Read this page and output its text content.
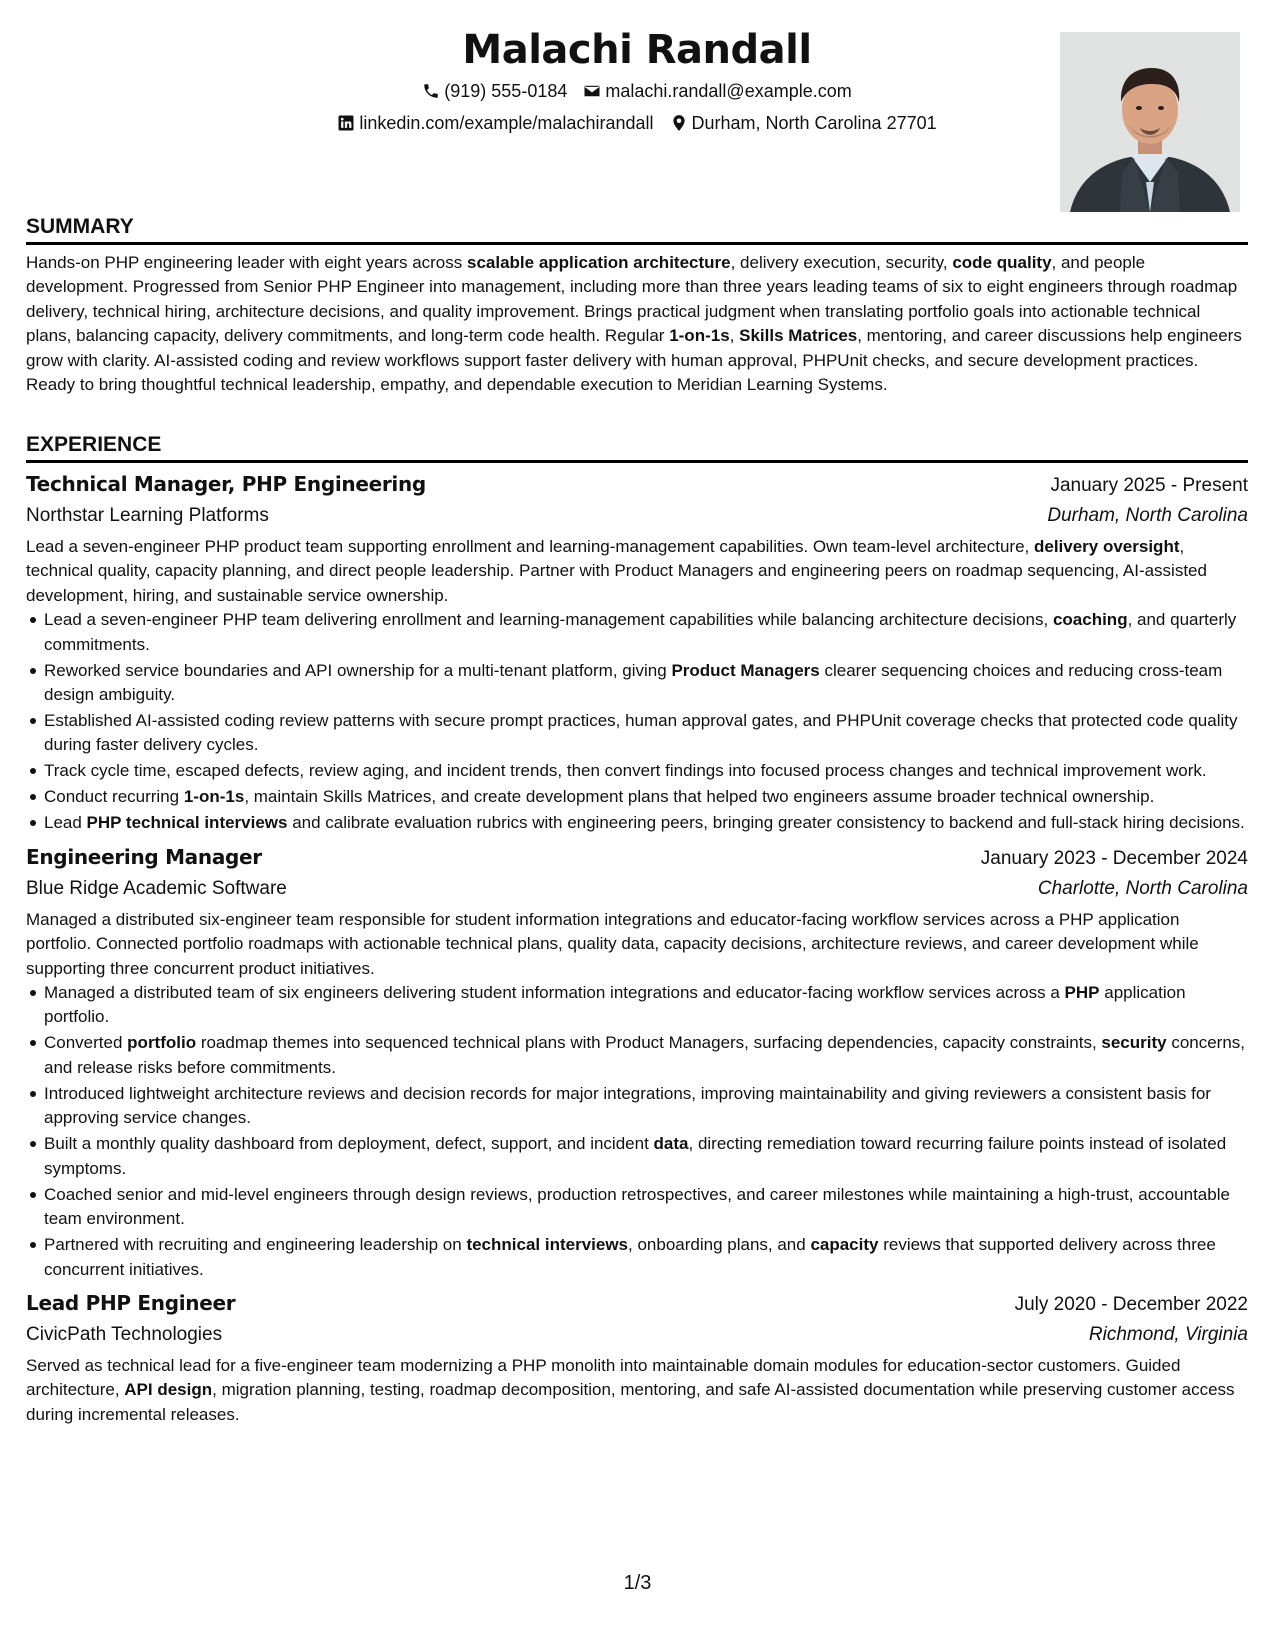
Malachi Randall
(919) 555-0184 malachi.randall@example.com
linkedin.com/example/malachirandall Durham, North Carolina 27701
SUMMARY

Hands-on PHP engineering leader with eight years across scalable application architecture, delivery execution, security, code quality, and people development. Progressed from Senior PHP Engineer into management, including more than three years leading teams of six to eight engineers through roadmap delivery, technical hiring, architecture decisions, and quality improvement. Brings practical judgment when translating portfolio goals into actionable technical plans, balancing capacity, delivery commitments, and long-term code health. Regular 1-on-1s, Skills Matrices, mentoring, and career discussions help engineers grow with clarity. AI-assisted coding and review workflows support faster delivery with human approval, PHPUnit checks, and secure development practices. Ready to bring thoughtful technical leadership, empathy, and dependable execution to Meridian Learning Systems.

EXPERIENCE
Technical Manager, PHP Engineering	January 2025 - Present
Northstar Learning Platforms	Durham, North Carolina

Lead a seven-engineer PHP product team supporting enrollment and learning-management capabilities. Own team-level architecture, delivery oversight, technical quality, capacity planning, and direct people leadership. Partner with Product Managers and engineering peers on roadmap sequencing, AI-assisted development, hiring, and sustainable service ownership.

Lead a seven-engineer PHP team delivering enrollment and learning-management capabilities while balancing architecture decisions, coaching, and quarterly commitments.
Reworked service boundaries and API ownership for a multi-tenant platform, giving Product Managers clearer sequencing choices and reducing cross-team design ambiguity.
Established AI-assisted coding review patterns with secure prompt practices, human approval gates, and PHPUnit coverage checks that protected code quality during faster delivery cycles.
Track cycle time, escaped defects, review aging, and incident trends, then convert findings into focused process changes and technical improvement work.
Conduct recurring 1-on-1s, maintain Skills Matrices, and create development plans that helped two engineers assume broader technical ownership.
Lead PHP technical interviews and calibrate evaluation rubrics with engineering peers, bringing greater consistency to backend and full-stack hiring decisions.
Engineering Manager	January 2023 - December 2024
Blue Ridge Academic Software	Charlotte, North Carolina

Managed a distributed six-engineer team responsible for student information integrations and educator-facing workflow services across a PHP application portfolio. Connected portfolio roadmaps with actionable technical plans, quality data, capacity decisions, architecture reviews, and career development while supporting three concurrent product initiatives.

Managed a distributed team of six engineers delivering student information integrations and educator-facing workflow services across a PHP application portfolio.
Converted portfolio roadmap themes into sequenced technical plans with Product Managers, surfacing dependencies, capacity constraints, security concerns, and release risks before commitments.
Introduced lightweight architecture reviews and decision records for major integrations, improving maintainability and giving reviewers a consistent basis for approving service changes.
Built a monthly quality dashboard from deployment, defect, support, and incident data, directing remediation toward recurring failure points instead of isolated symptoms.
Coached senior and mid-level engineers through design reviews, production retrospectives, and career milestones while maintaining a high-trust, accountable team environment.
Partnered with recruiting and engineering leadership on technical interviews, onboarding plans, and capacity reviews that supported delivery across three concurrent initiatives.
Lead PHP Engineer	July 2020 - December 2022
CivicPath Technologies	Richmond, Virginia

Served as technical lead for a five-engineer team modernizing a PHP monolith into maintainable domain modules for education-sector customers. Guided architecture, API design, migration planning, testing, roadmap decomposition, mentoring, and safe AI-assisted documentation while preserving customer access during incremental releases.

1/3
